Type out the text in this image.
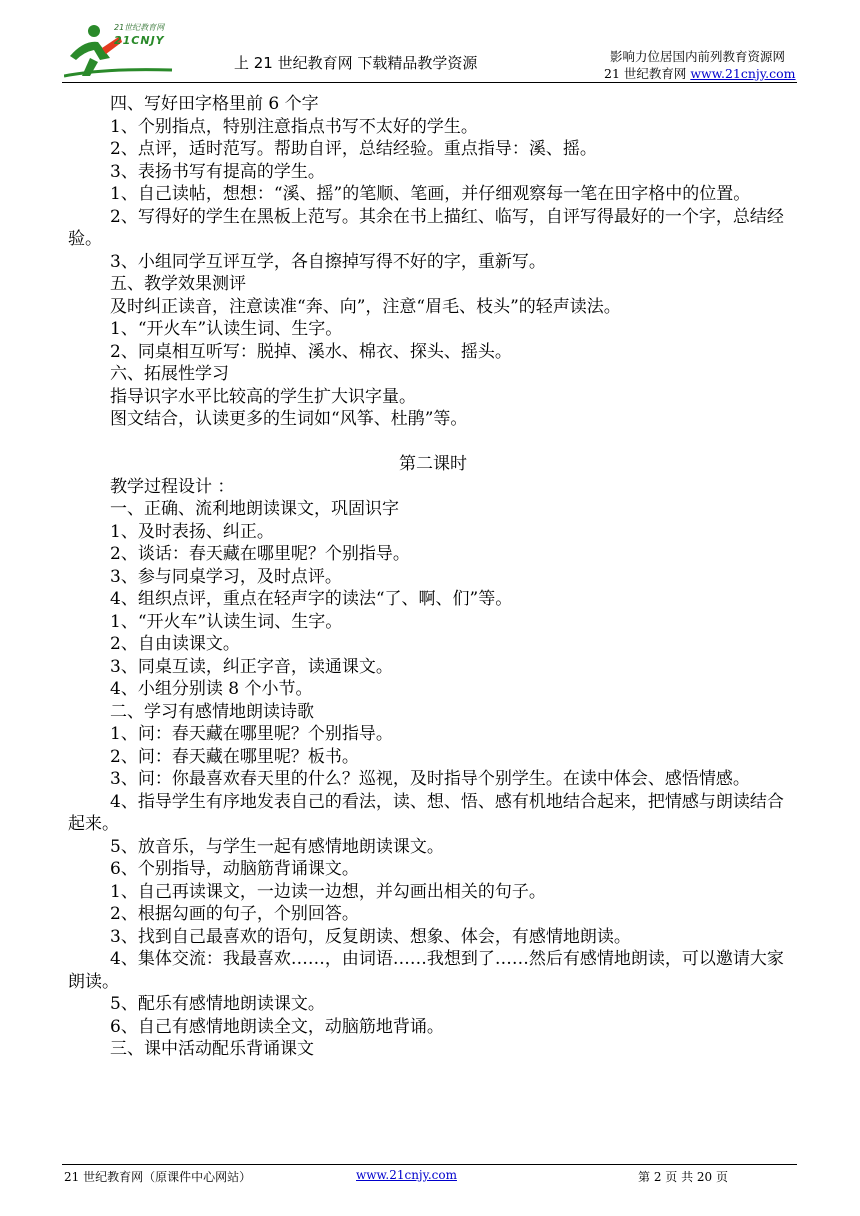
21世纪教育网
21CNJY
上 21 世纪教育网 下载精品教学资源	影响力位居国内前列教育资源网
21 世纪教育网 www.21cnjy.com

四、写好田字格里前 6 个字

1、个别指点，特别注意指点书写不太好的学生。

2、点评，适时范写。帮助自评，总结经验。重点指导：溪、摇。

3、表扬书写有提高的学生。

1、自己读帖，想想：“溪、摇”的笔顺、笔画，并仔细观察每一笔在田字格中的位置。

2、写得好的学生在黑板上范写。其余在书上描红、临写，自评写得最好的一个字，总结经验。

3、小组同学互评互学，各自擦掉写得不好的字，重新写。

五、教学效果测评

及时纠正读音，注意读准“奔、向”，注意“眉毛、枝头”的轻声读法。

1、“开火车”认读生词、生字。

2、同桌相互听写：脱掉、溪水、棉衣、探头、摇头。

六、拓展性学习

指导识字水平比较高的学生扩大识字量。

图文结合，认读更多的生词如“风筝、杜鹃”等。

第二课时

教学过程设计 ：

一、正确、流利地朗读课文，巩固识字

1、及时表扬、纠正。

2、谈话：春天藏在哪里呢？个别指导。

3、参与同桌学习，及时点评。

4、组织点评，重点在轻声字的读法“了、啊、们”等。

1、“开火车”认读生词、生字。

2、自由读课文。

3、同桌互读，纠正字音，读通课文。

4、小组分别读 8 个小节。

二、学习有感情地朗读诗歌

1、问：春天藏在哪里呢？个别指导。

2、问：春天藏在哪里呢？板书。

3、问：你最喜欢春天里的什么？巡视，及时指导个别学生。在读中体会、感悟情感。

4、指导学生有序地发表自己的看法，读、想、悟、感有机地结合起来，把情感与朗读结合起来。

5、放音乐，与学生一起有感情地朗读课文。

6、个别指导，动脑筋背诵课文。

1、自己再读课文，一边读一边想，并勾画出相关的句子。

2、根据勾画的句子，个别回答。

3、找到自己最喜欢的语句，反复朗读、想象、体会，有感情地朗读。

4、集体交流：我最喜欢……，由词语……我想到了……然后有感情地朗读，可以邀请大家朗读。

5、配乐有感情地朗读课文。

6、自己有感情地朗读全文，动脑筋地背诵。

三、课中活动配乐背诵课文

21 世纪教育网（原课件中心网站）	www.21cnjy.com	第 2 页 共 20 页
